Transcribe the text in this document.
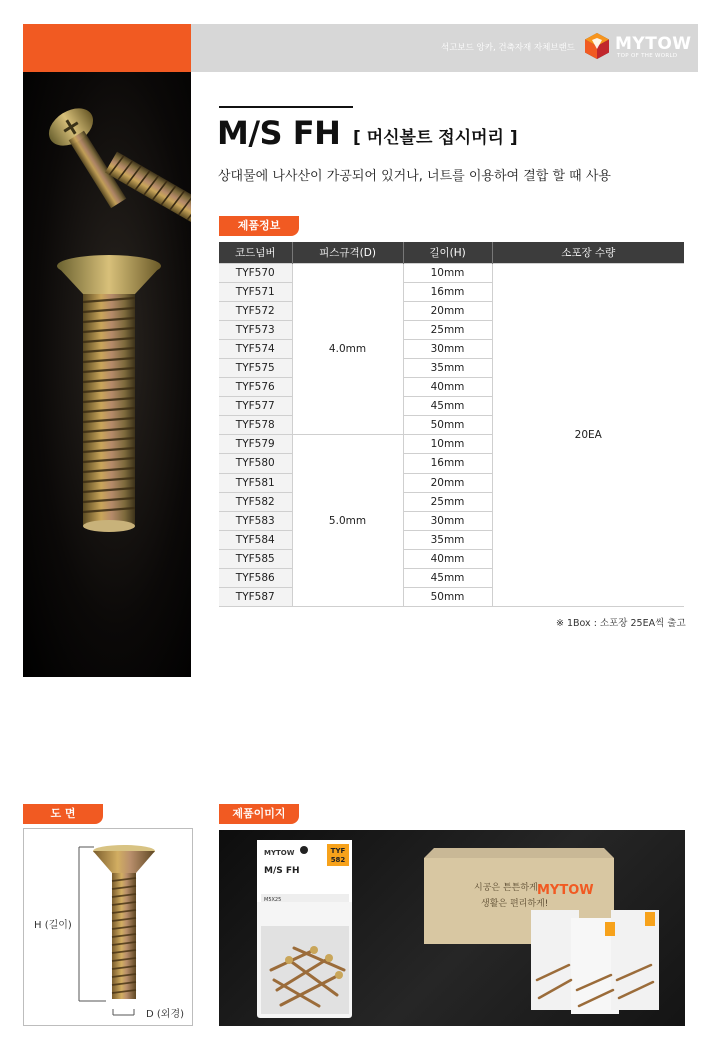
석고보드 앙카, 건축자재 자체브랜드 MYTOW
TOP OF THE WORLD
M/S FH [ 머신볼트 접시머리 ]
상대물에 나사산이 가공되어 있거나, 너트를 이용하여 결합 할 때 사용
제품정보
코드넘버	피스규격(D)	길이(H)	소포장 수량
TYF570	4.0mm	10mm	20EA
TYF571		16mm	
TYF572		20mm	
TYF573		25mm	
TYF574		30mm	
TYF575		35mm	
TYF576		40mm	
TYF577		45mm	
TYF578		50mm	
TYF579	5.0mm	10mm	
TYF580		16mm	
TYF581		20mm	
TYF582		25mm	
TYF583		30mm	
TYF584		35mm	
TYF585		40mm	
TYF586		45mm	
TYF587		50mm	
※ 1Box : 소포장 25EA씩 출고
도 면
H (길이)
D (외경)
제품이미지
TYF
582
MYTOW
M/S FH
M5X25
시공은 튼튼하게,
생활은 편리하게!
MYTOW
